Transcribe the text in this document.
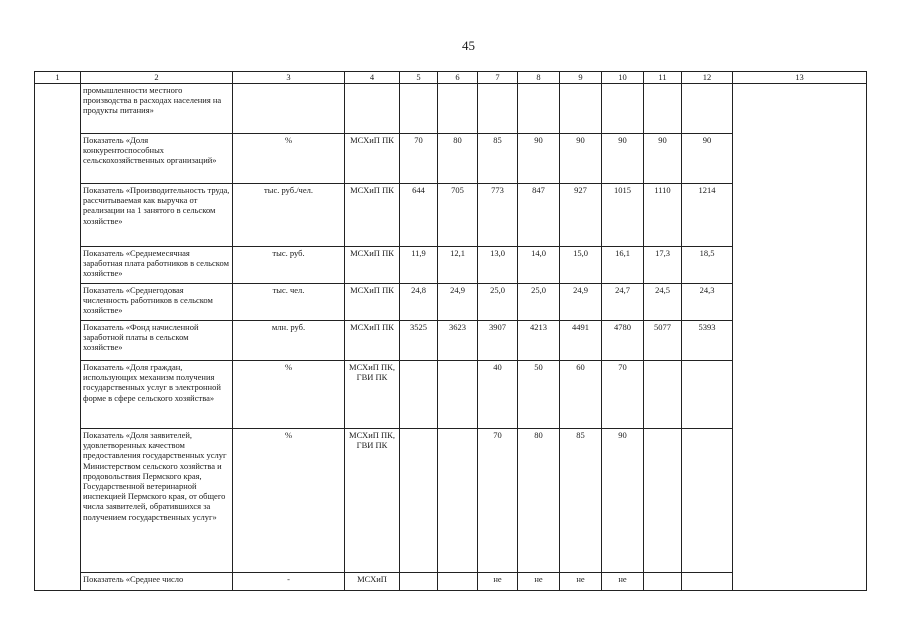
45
1	2	3	4	5	6	7	8	9	10	11	12	13
	промышленности местного производства в расходах населения на продукты питания»											
	Показатель «Доля конкурентоспособных сельскохозяйственных организаций»	%	МСХиП ПК	70	80	85	90	90	90	90	90	
	Показатель «Производительность труда, рассчитываемая как выручка от реализации на 1 занятого в сельском хозяйстве»	тыс. руб./чел.	МСХиП ПК	644	705	773	847	927	1015	1110	1214	
	Показатель «Среднемесячная заработная плата работников в сельском хозяйстве»	тыс. руб.	МСХиП ПК	11,9	12,1	13,0	14,0	15,0	16,1	17,3	18,5	
	Показатель «Среднегодовая численность работников в сельском хозяйстве»	тыс. чел.	МСХиП ПК	24,8	24,9	25,0	25,0	24,9	24,7	24,5	24,3	
	Показатель «Фонд начисленной заработной платы в сельском хозяйстве»	млн. руб.	МСХиП ПК	3525	3623	3907	4213	4491	4780	5077	5393	
	Показатель «Доля граждан, использующих механизм получения государственных услуг в электронной форме в сфере сельского хозяйства»	%	МСХиП ПК, ГВИ ПК			40	50	60	70			
	Показатель «Доля заявителей, удовлетворенных качеством предоставления государственных услуг Министерством сельского хозяйства и продовольствия Пермского края, Государственной ветеринарной инспекцией Пермского края, от общего числа заявителей, обратившихся за получением государственных услуг»	%	МСХиП ПК, ГВИ ПК			70	80	85	90			
	Показатель «Среднее число	-	МСХиП			не	не	не	не			
